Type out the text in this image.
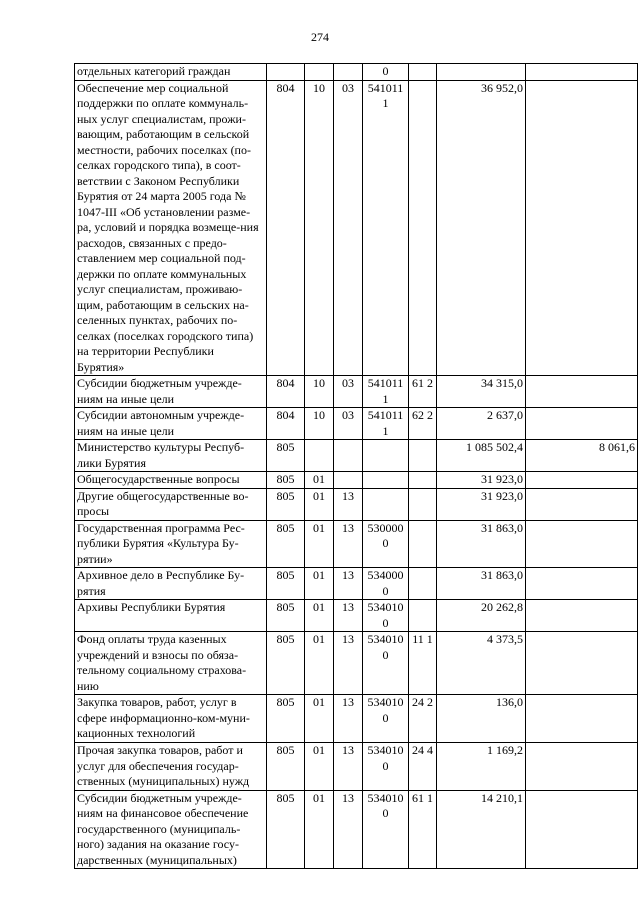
274
отдельных категорий граждан				0			

Обеспечение мер социальной поддержки по оплате коммуналь-ных услуг специалистам, прожи-вающим, работающим в сельской местности, рабочих поселках (по-селках городского типа), в соот-ветствии с Законом Республики Бурятия от 24 марта 2005 года № 1047-III «Об установлении разме-ра, условий и порядка возмеще-ния расходов, связанных с предо-ставлением мер социальной под-держки по оплате коммунальных услуг специалистам, проживаю-щим, работающим в сельских на-селенных пунктах, рабочих по-селках (поселках городского типа) на территории Республики Бурятия»	804	10	03	541011 1		36 952,0	

Субсидии бюджетным учрежде-ниям на иные цели	804	10	03	541011 1	61 2	34 315,0	

Субсидии автономным учрежде-ниям на иные цели	804	10	03	541011 1	62 2	2 637,0	

Министерство культуры Респуб-лики Бурятия	805					1 085 502,4	8 061,6

Общегосударственные вопросы	805	01				31 923,0	

Другие общегосударственные во-просы	805	01	13			31 923,0	

Государственная программа Рес-публики Бурятия «Культура Бу-рятии»	805	01	13	530000 0		31 863,0	

Архивное дело в Республике Бу-рятия	805	01	13	534000 0		31 863,0	

Архивы Республики Бурятия	805	01	13	534010 0		20 262,8	

Фонд оплаты труда казенных учреждений и взносы по обяза-тельному социальному страхова-нию	805	01	13	534010 0	11 1	4 373,5	

Закупка товаров, работ, услуг в сфере информационно-ком-муни-кационных технологий	805	01	13	534010 0	24 2	136,0	

Прочая закупка товаров, работ и услуг для обеспечения государ-ственных (муниципальных) нужд	805	01	13	534010 0	24 4	1 169,2	

Субсидии бюджетным учрежде-ниям на финансовое обеспечение государственного (муниципаль-ного) задания на оказание госу-дарственных (муниципальных)	805	01	13	534010 0	61 1	14 210,1	
